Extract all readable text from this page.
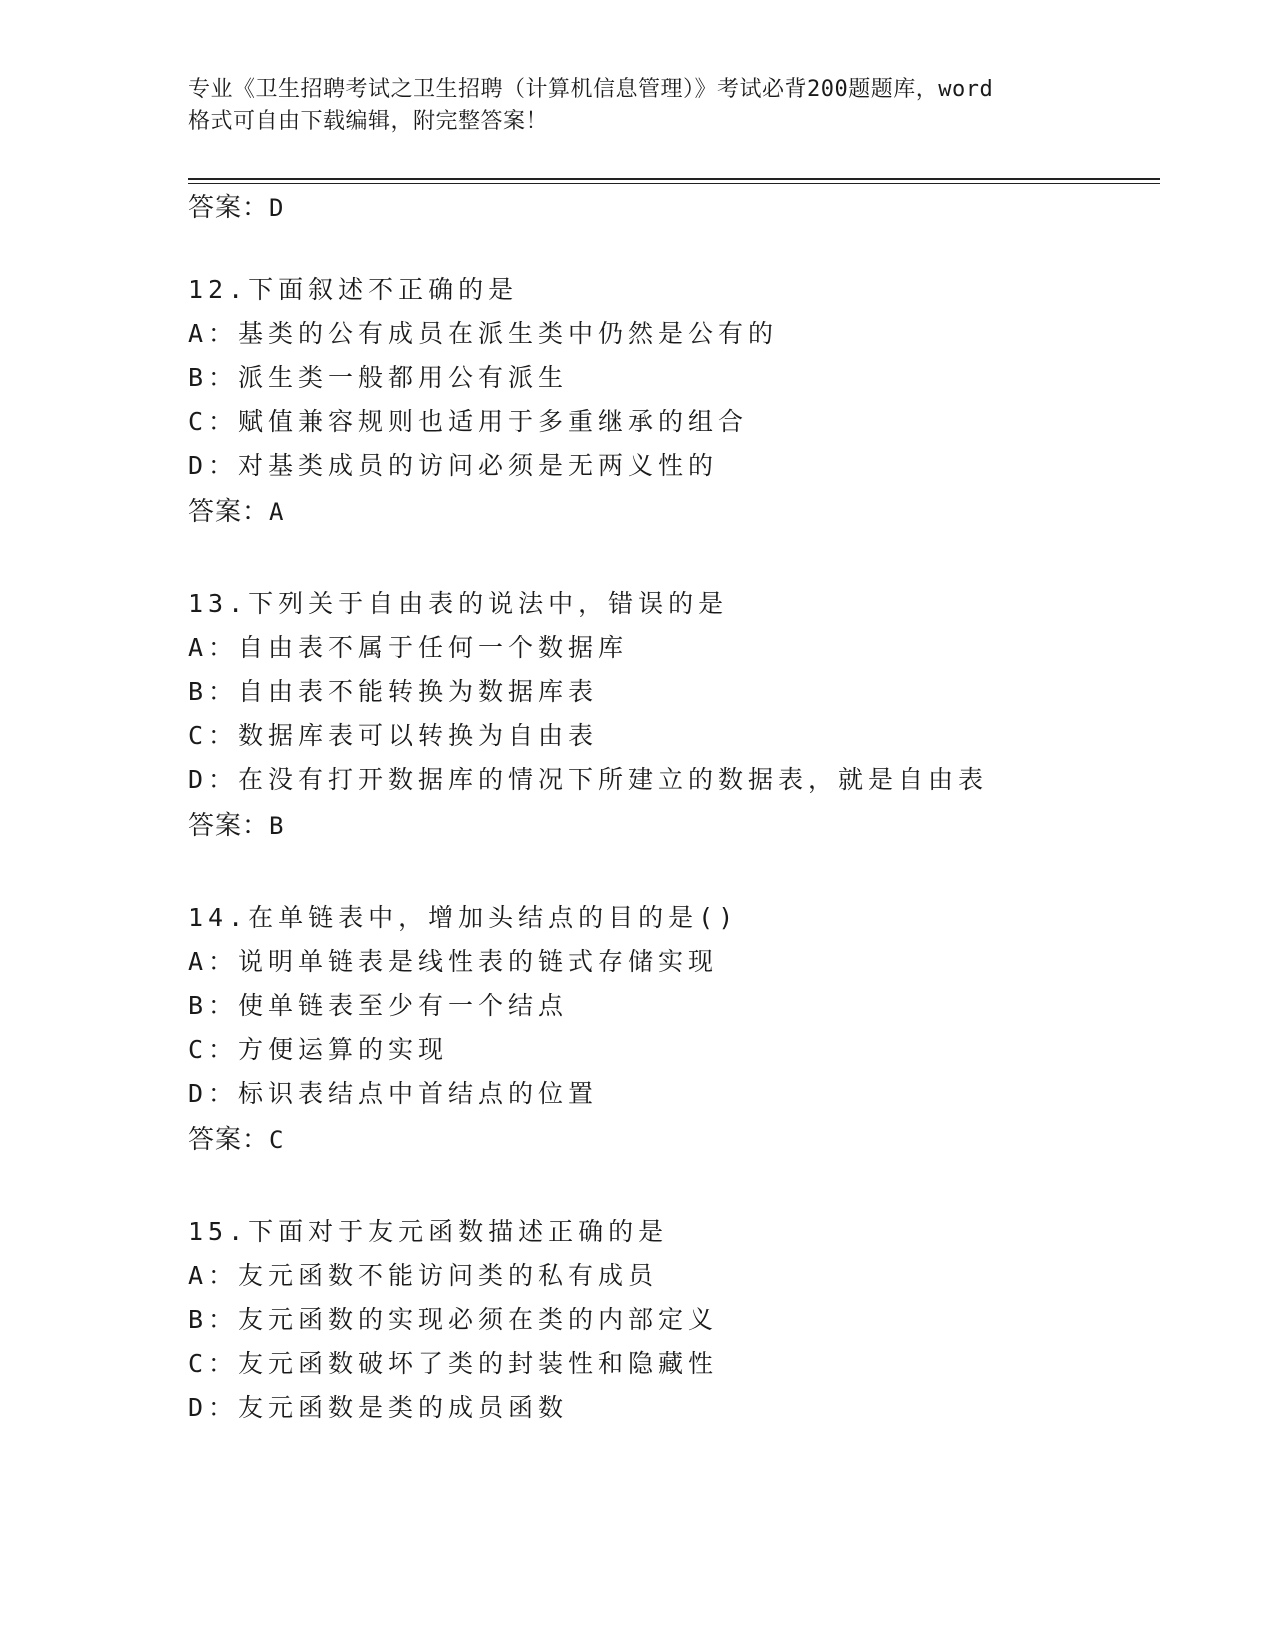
专业《卫生招聘考试之卫生招聘（计算机信息管理）》考试必背200题题库，word
格式可自由下载编辑，附完整答案！
答案：D
12.下面叙述不正确的是
A：基类的公有成员在派生类中仍然是公有的
B：派生类一般都用公有派生
C：赋值兼容规则也适用于多重继承的组合
D：对基类成员的访问必须是无两义性的
答案：A
13.下列关于自由表的说法中，错误的是
A：自由表不属于任何一个数据库
B：自由表不能转换为数据库表
C：数据库表可以转换为自由表
D：在没有打开数据库的情况下所建立的数据表，就是自由表
答案：B
14.在单链表中，增加头结点的目的是()
A：说明单链表是线性表的链式存储实现
B：使单链表至少有一个结点
C：方便运算的实现
D：标识表结点中首结点的位置
答案：C
15.下面对于友元函数描述正确的是
A：友元函数不能访问类的私有成员
B：友元函数的实现必须在类的内部定义
C：友元函数破坏了类的封装性和隐藏性
D：友元函数是类的成员函数
